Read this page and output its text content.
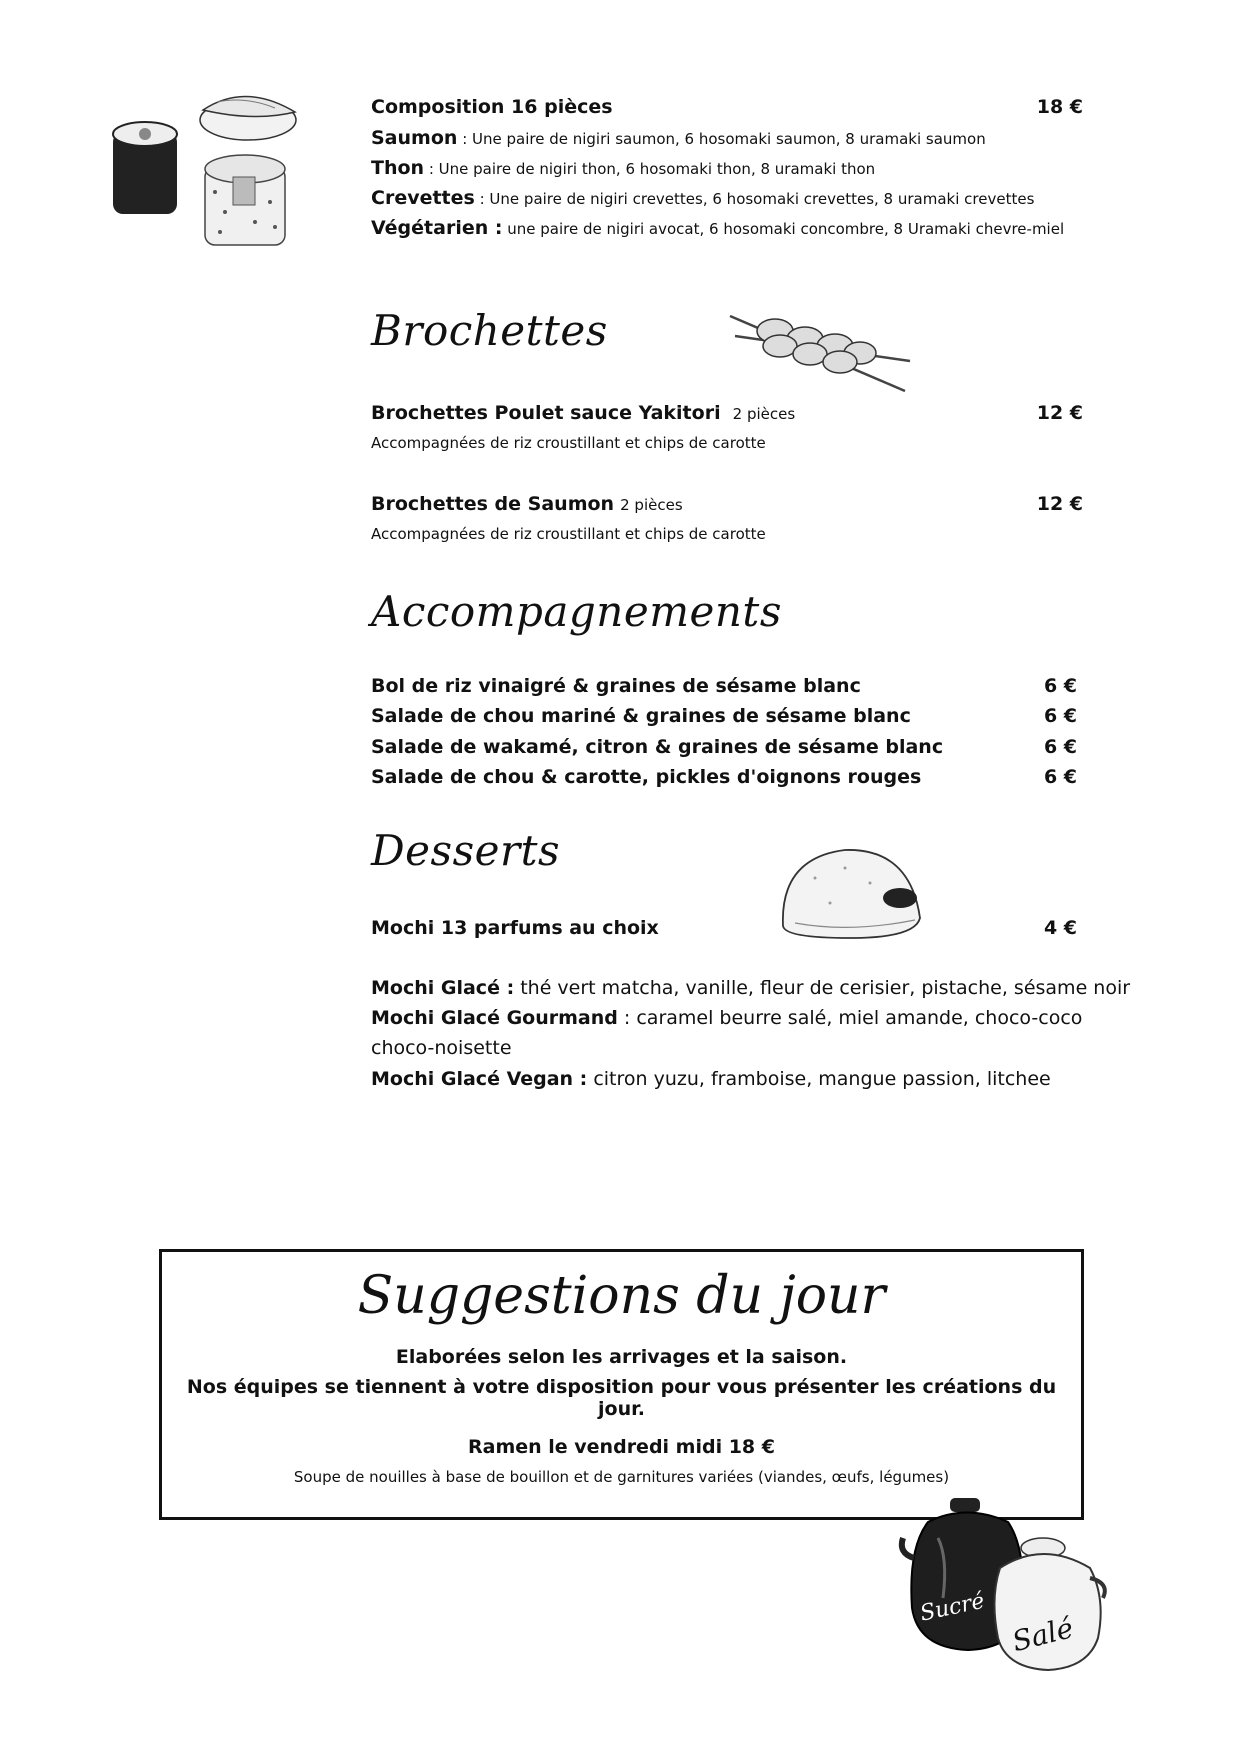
Composition 16 pièces	18 €
Saumon : Une paire de nigiri saumon, 6 hosomaki saumon, 8 uramaki saumon
Thon : Une paire de nigiri thon, 6 hosomaki thon, 8 uramaki thon
Crevettes : Une paire de nigiri crevettes, 6 hosomaki crevettes, 8 uramaki crevettes
Végétarien : une paire de nigiri avocat, 6 hosomaki concombre, 8 Uramaki chevre-miel
Brochettes
Brochettes Poulet sauce Yakitori 2 pièces	12 €
Accompagnées de riz croustillant et chips de carotte
Brochettes de Saumon 2 pièces	12 €
Accompagnées de riz croustillant et chips de carotte
Accompagnements
Bol de riz vinaigré & graines de sésame blanc	6 €
Salade de chou mariné & graines de sésame blanc	6 €
Salade de wakamé, citron & graines de sésame blanc	6 €
Salade de chou & carotte, pickles d'oignons rouges	6 €
Desserts
Mochi 13 parfums au choix	4 €
Mochi Glacé : thé vert matcha, vanille, fleur de cerisier, pistache, sésame noir
Mochi Glacé Gourmand : caramel beurre salé, miel amande, choco-coco
choco-noisette
Mochi Glacé Vegan : citron yuzu, framboise, mangue passion, litchee
Suggestions du jour
Elaborées selon les arrivages et la saison.
Nos équipes se tiennent à votre disposition pour vous présenter les créations du jour.
Ramen le vendredi midi 18 €
Soupe de nouilles à base de bouillon et de garnitures variées (viandes, œufs, légumes)
Sucré
Salé
